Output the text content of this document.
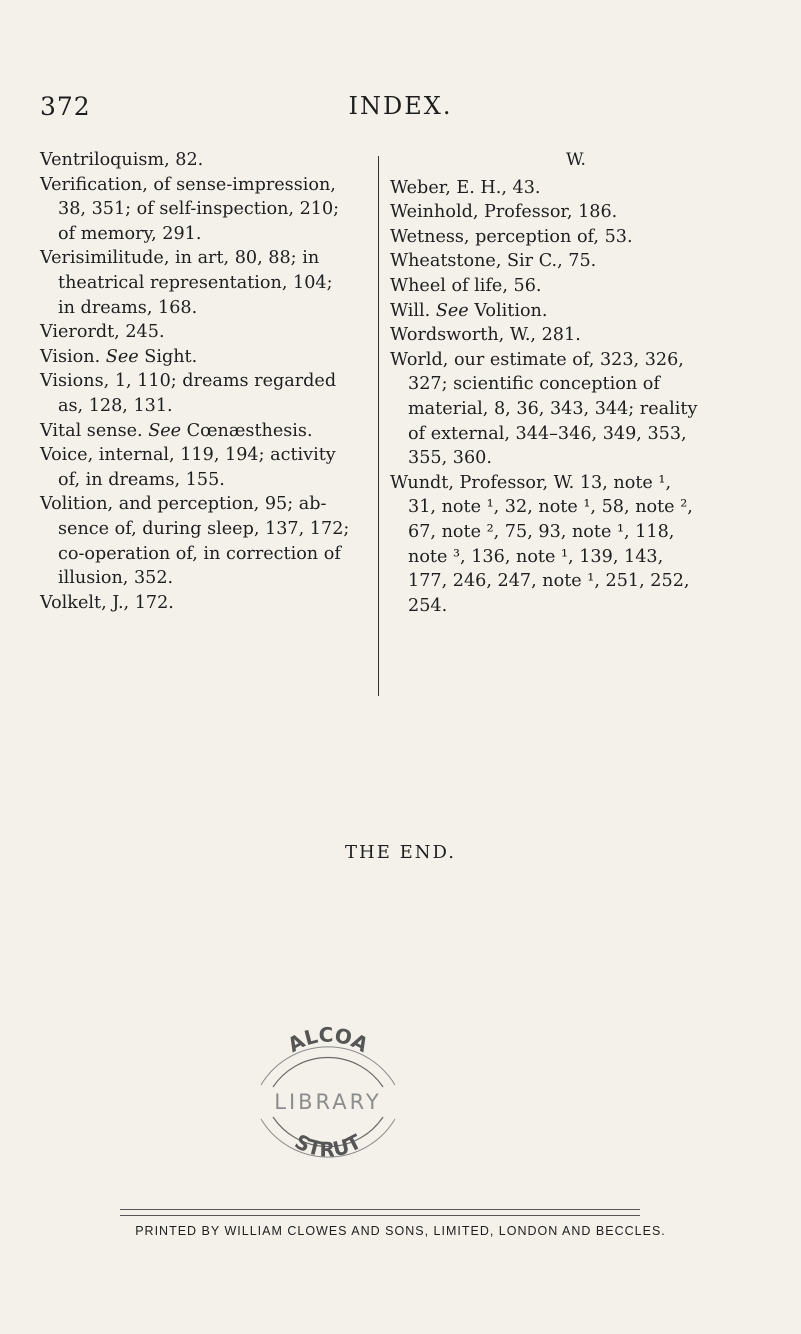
372	INDEX.

Ventriloquism, 82.

Verification, of sense-impression,
38, 351; of self-inspection, 210;
of memory, 291.

Verisimilitude, in art, 80, 88; in
theatrical representation, 104;
in dreams, 168.

Vierordt, 245.

Vision. See Sight.

Visions, 1, 110; dreams regarded
as, 128, 131.

Vital sense. See Cœnæsthesis.

Voice, internal, 119, 194; activity
of, in dreams, 155.

Volition, and perception, 95; ab-
sence of, during sleep, 137, 172;
co-operation of, in correction of
illusion, 352.

Volkelt, J., 172.

W.

Weber, E. H., 43.

Weinhold, Professor, 186.

Wetness, perception of, 53.

Wheatstone, Sir C., 75.

Wheel of life, 56.

Will. See Volition.

Wordsworth, W., 281.

World, our estimate of, 323, 326,
327; scientific conception of
material, 8, 36, 343, 344; reality
of external, 344–346, 349, 353,
355, 360.

Wundt, Professor, W. 13, note ¹,
31, note ¹, 32, note ¹, 58, note ²,
67, note ², 75, 93, note ¹, 118,
note ³, 136, note ¹, 139, 143,
177, 246, 247, note ¹, 251, 252,
254.

THE END.
ALCOA
LIBRARY
STRUT
PRINTED BY WILLIAM CLOWES AND SONS, LIMITED, LONDON AND BECCLES.
